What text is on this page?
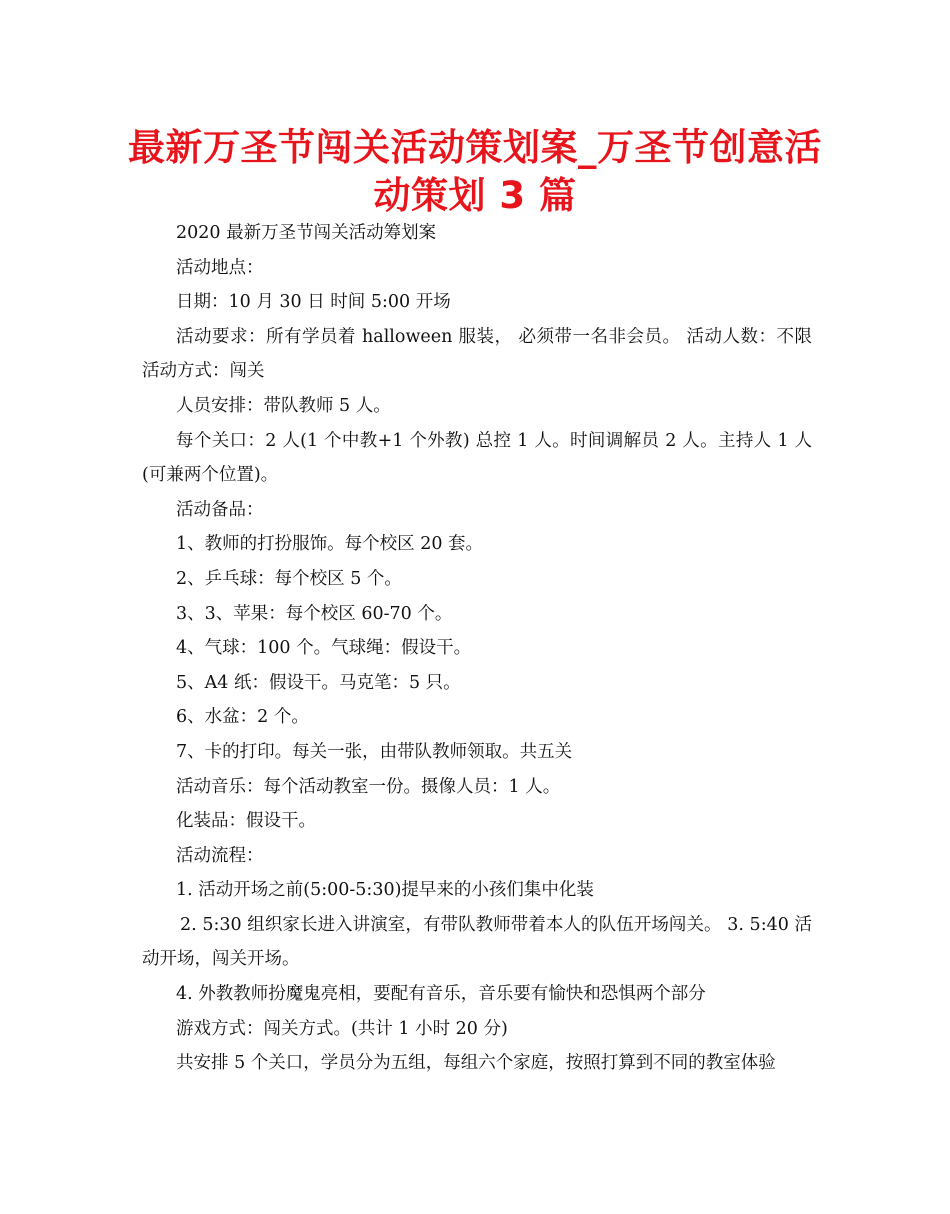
最新万圣节闯关活动策划案_万圣节创意活
动策划 3 篇
2020 最新万圣节闯关活动筹划案
活动地点：
日期：10 月 30 日 时间 5:00 开场
活动要求：所有学员着 halloween 服装， 必须带一名非会员。 活动人数：不限 活动方式：闯关
人员安排：带队教师 5 人。
每个关口：2 人(1 个中教+1 个外教) 总控 1 人。时间调解员 2 人。主持人 1 人(可兼两个位置)。
活动备品：
1、教师的打扮服饰。每个校区 20 套。
2、乒乓球：每个校区 5 个。
3、3、苹果：每个校区 60-70 个。
4、气球：100 个。气球绳：假设干。
5、A4 纸：假设干。马克笔：5 只。
6、水盆：2 个。
7、卡的打印。每关一张，由带队教师领取。共五关
活动音乐：每个活动教室一份。摄像人员：1 人。
化装品：假设干。
活动流程：
1. 活动开场之前(5:00-5:30)提早来的小孩们集中化装
2. 5:30 组织家长进入讲演室，有带队教师带着本人的队伍开场闯关。 3. 5:40 活动开场，闯关开场。
4. 外教教师扮魔鬼亮相，要配有音乐，音乐要有愉快和恐惧两个部分
游戏方式：闯关方式。(共计 1 小时 20 分)
共安排 5 个关口，学员分为五组，每组六个家庭，按照打算到不同的教室体验
